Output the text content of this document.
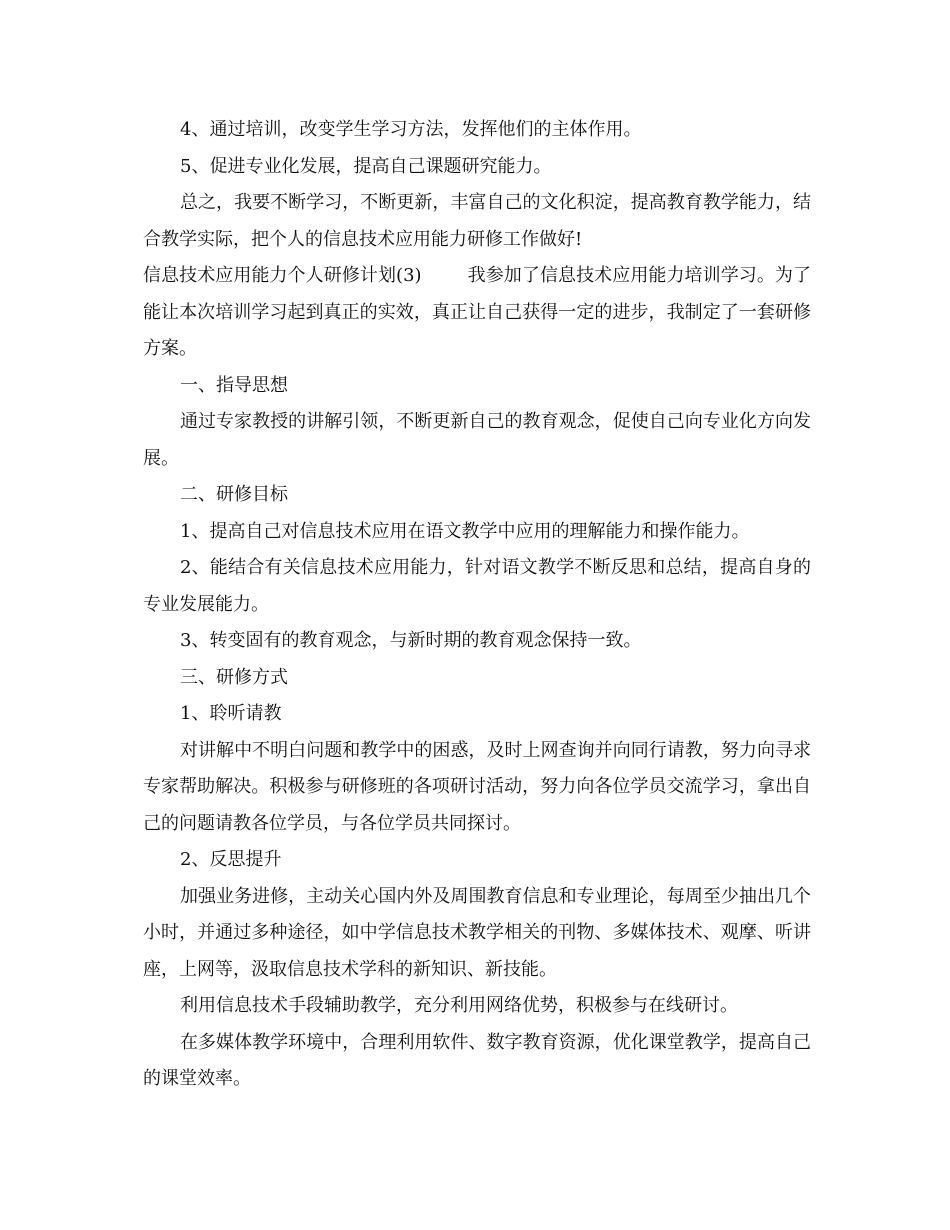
4、通过培训，改变学生学习方法，发挥他们的主体作用。

5、促进专业化发展，提高自己课题研究能力。

总之，我要不断学习，不断更新，丰富自己的文化积淀，提高教育教学能力，结合教学实际，把个人的信息技术应用能力研修工作做好!

信息技术应用能力个人研修计划(3)	我参加了信息技术应用能力培训学习。为了能让本次培训学习起到真正的实效，真正让自己获得一定的进步，我制定了一套研修方案。

一、指导思想

通过专家教授的讲解引领，不断更新自己的教育观念，促使自己向专业化方向发展。

二、研修目标

1、提高自己对信息技术应用在语文教学中应用的理解能力和操作能力。

2、能结合有关信息技术应用能力，针对语文教学不断反思和总结，提高自身的专业发展能力。

3、转变固有的教育观念，与新时期的教育观念保持一致。

三、研修方式

1、聆听请教

对讲解中不明白问题和教学中的困惑，及时上网查询并向同行请教，努力向寻求专家帮助解决。积极参与研修班的各项研讨活动，努力向各位学员交流学习，拿出自己的问题请教各位学员，与各位学员共同探讨。

2、反思提升

加强业务进修，主动关心国内外及周围教育信息和专业理论，每周至少抽出几个小时，并通过多种途径，如中学信息技术教学相关的刊物、多媒体技术、观摩、听讲座，上网等，汲取信息技术学科的新知识、新技能。

利用信息技术手段辅助教学，充分利用网络优势，积极参与在线研讨。

在多媒体教学环境中，合理利用软件、数字教育资源，优化课堂教学，提高自己的课堂效率。
